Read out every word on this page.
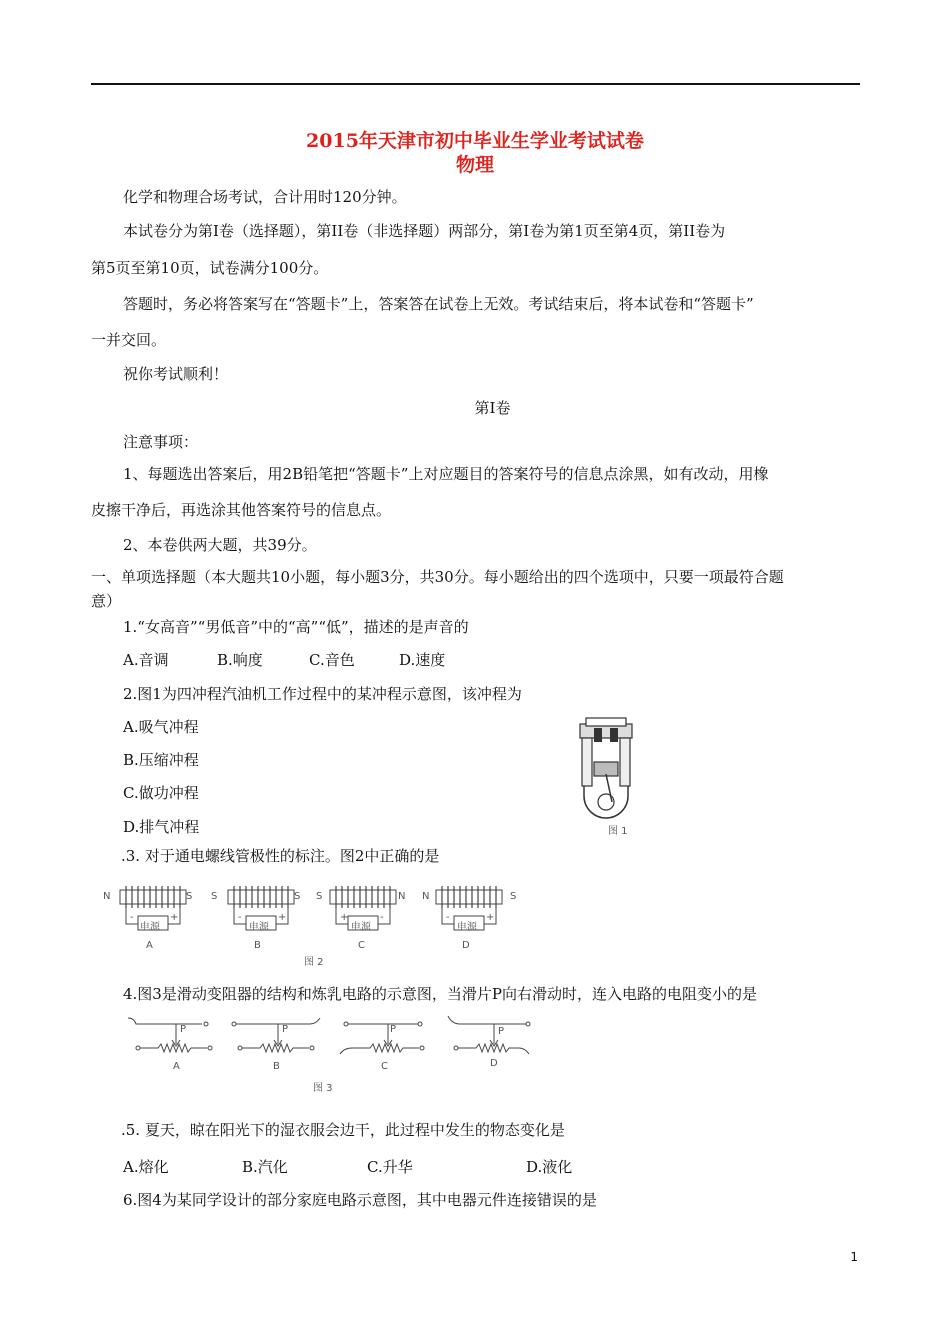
2015年天津市初中毕业生学业考试试卷
物理
化学和物理合场考试，合计用时120分钟。
本试卷分为第Ⅰ卷（选择题），第II卷（非选择题）两部分，第Ⅰ卷为第1页至第4页，第II卷为
第5页至第10页，试卷满分100分。
答题时，务必将答案写在“答题卡”上，答案答在试卷上无效。考试结束后，将本试卷和“答题卡”
一并交回。
祝你考试顺利！
第Ⅰ卷
注意事项：
1、每题选出答案后，用2B铅笔把“答题卡”上对应题目的答案符号的信息点涂黑，如有改动，用橡
皮擦干净后，再选涂其他答案符号的信息点。
2、本卷供两大题，共39分。
一、单项选择题（本大题共10小题，每小题3分，共30分。每小题给出的四个选项中，只要一项最符合题
意）
1.“女高音”“男低音”中的“高”“低”，描述的是声音的
A.音调	B.响度	C.音色	D.速度
2.图1为四冲程汽油机工作过程中的某冲程示意图，该冲程为
A.吸气冲程
B.压缩冲程
C.做功冲程
D.排气冲程	图 1
.3. 对于通电螺线管极性的标注。图2中正确的是
N	S
电源
-	+
A
S	S
电源
-	+
B
S	N
电源
+	-
C
N	S
电源
-	+
D
图 2
4.图3是滑动变阻器的结构和炼乳电路的示意图，当滑片P向右滑动时，连入电路的电阻变小的是
P
A
P
B
P
C
P
D
图 3
.5. 夏天，晾在阳光下的湿衣服会边干，此过程中发生的物态变化是
A.熔化	B.汽化	C.升华	D.液化
6.图4为某同学设计的部分家庭电路示意图，其中电器元件连接错误的是
1
